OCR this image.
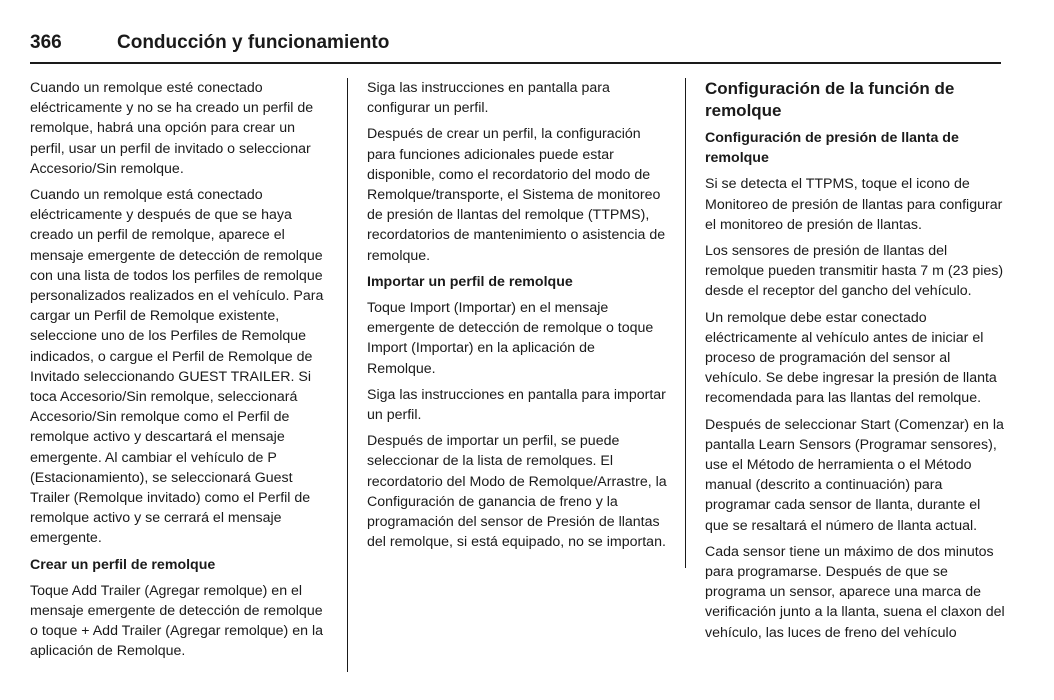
366	Conducción y funcionamiento

Cuando un remolque esté conectado eléctricamente y no se ha creado un perfil de remolque, habrá una opción para crear un perfil, usar un perfil de invitado o seleccionar Accesorio/Sin remolque.

Cuando un remolque está conectado eléctricamente y después de que se haya creado un perfil de remolque, aparece el mensaje emergente de detección de remolque con una lista de todos los perfiles de remolque personalizados realizados en el vehículo. Para cargar un Perfil de Remolque existente, seleccione uno de los Perfiles de Remolque indicados, o cargue el Perfil de Remolque de Invitado seleccionando GUEST TRAILER. Si toca Accesorio/Sin remolque, seleccionará Accesorio/Sin remolque como el Perfil de remolque activo y descartará el mensaje emergente. Al cambiar el vehículo de P (Estacionamiento), se seleccionará Guest Trailer (Remolque invitado) como el Perfil de remolque activo y se cerrará el mensaje emergente.

Crear un perfil de remolque

Toque Add Trailer (Agregar remolque) en el mensaje emergente de detección de remolque o toque + Add Trailer (Agregar remolque) en la aplicación de Remolque.

Siga las instrucciones en pantalla para configurar un perfil.

Después de crear un perfil, la configuración para funciones adicionales puede estar disponible, como el recordatorio del modo de Remolque/transporte, el Sistema de monitoreo de presión de llantas del remolque (TTPMS), recordatorios de mantenimiento o asistencia de remolque.

Importar un perfil de remolque

Toque Import (Importar) en el mensaje emergente de detección de remolque o toque Import (Importar) en la aplicación de Remolque.

Siga las instrucciones en pantalla para importar un perfil.

Después de importar un perfil, se puede seleccionar de la lista de remolques. El recordatorio del Modo de Remolque/Arrastre, la Configuración de ganancia de freno y la programación del sensor de Presión de llantas del remolque, si está equipado, no se importan.

Configuración de la función de remolque

Configuración de presión de llanta de remolque

Si se detecta el TTPMS, toque el icono de Monitoreo de presión de llantas para configurar el monitoreo de presión de llantas.

Los sensores de presión de llantas del remolque pueden transmitir hasta 7 m (23 pies) desde el receptor del gancho del vehículo.

Un remolque debe estar conectado eléctricamente al vehículo antes de iniciar el proceso de programación del sensor al vehículo. Se debe ingresar la presión de llanta recomendada para las llantas del remolque.

Después de seleccionar Start (Comenzar) en la pantalla Learn Sensors (Programar sensores), use el Método de herramienta o el Método manual (descrito a continuación) para programar cada sensor de llanta, durante el que se resaltará el número de llanta actual.

Cada sensor tiene un máximo de dos minutos para programarse. Después de que se programa un sensor, aparece una marca de verificación junto a la llanta, suena el claxon del vehículo, las luces de freno del vehículo
